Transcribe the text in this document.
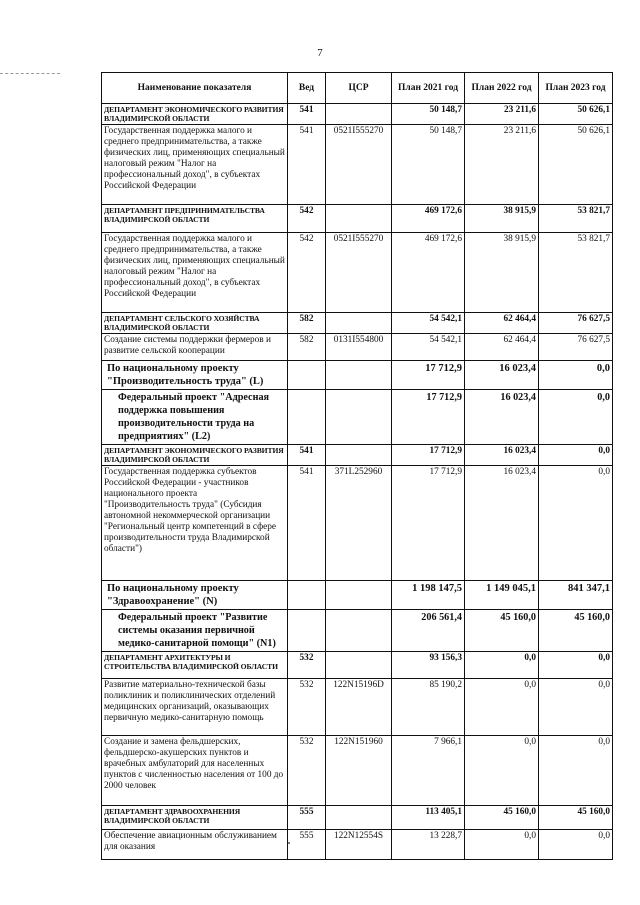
7
Наименование показателя	Вед	ЦСР	План 2021 год	План 2022 год	План 2023 год
ДЕПАРТАМЕНТ ЭКОНОМИЧЕСКОГО РАЗВИТИЯ ВЛАДИМИРСКОЙ ОБЛАСТИ	541		50 148,7	23 211,6	50 626,1
Государственная поддержка малого и среднего предпринимательства, а также физических лиц, применяющих специальный налоговый режим "Налог на профессиональный доход", в субъектах Российской Федерации	541	0521I555270	50 148,7	23 211,6	50 626,1
ДЕПАРТАМЕНТ ПРЕДПРИНИМАТЕЛЬСТВА ВЛАДИМИРСКОЙ ОБЛАСТИ	542		469 172,6	38 915,9	53 821,7
Государственная поддержка малого и среднего предпринимательства, а также физических лиц, применяющих специальный налоговый режим "Налог на профессиональный доход", в субъектах Российской Федерации	542	0521I555270	469 172,6	38 915,9	53 821,7
ДЕПАРТАМЕНТ СЕЛЬСКОГО ХОЗЯЙСТВА ВЛАДИМИРСКОЙ ОБЛАСТИ	582		54 542,1	62 464,4	76 627,5
Создание системы поддержки фермеров и развитие сельской кооперации	582	0131I554800	54 542,1	62 464,4	76 627,5
По национальному проекту "Производительность труда" (L)			17 712,9	16 023,4	0,0
Федеральный проект "Адресная поддержка повышения производительности труда на предприятиях" (L2)			17 712,9	16 023,4	0,0
ДЕПАРТАМЕНТ ЭКОНОМИЧЕСКОГО РАЗВИТИЯ ВЛАДИМИРСКОЙ ОБЛАСТИ	541		17 712,9	16 023,4	0,0
Государственная поддержка субъектов Российской Федерации - участников национального проекта "Производительность труда" (Субсидия автономной некоммерческой организации "Региональный центр компетенций в сфере производительности труда Владимирской области")	541	371L252960	17 712,9	16 023,4	0,0
По национальному проекту "Здравоохранение" (N)			1 198 147,5	1 149 045,1	841 347,1
Федеральный проект "Развитие системы оказания первичной медико-санитарной помощи" (N1)			206 561,4	45 160,0	45 160,0
ДЕПАРТАМЕНТ АРХИТЕКТУРЫ И СТРОИТЕЛЬСТВА ВЛАДИМИРСКОЙ ОБЛАСТИ	532		93 156,3	0,0	0,0
Развитие материально-технической базы поликлиник и поликлинических отделений медицинских организаций, оказывающих первичную медико-санитарную помощь	532	122N15196D	85 190,2	0,0	0,0
Создание и замена фельдшерских, фельдшерско-акушерских пунктов и врачебных амбулаторий для населенных пунктов с численностью населения от 100 до 2000 человек	532	122N151960	7 966,1	0,0	0,0
ДЕПАРТАМЕНТ ЗДРАВООХРАНЕНИЯ ВЛАДИМИРСКОЙ ОБЛАСТИ	555		113 405,1	45 160,0	45 160,0
Обеспечение авиационным обслуживанием для оказания	555	122N12554S	13 228,7	0,0	0,0
